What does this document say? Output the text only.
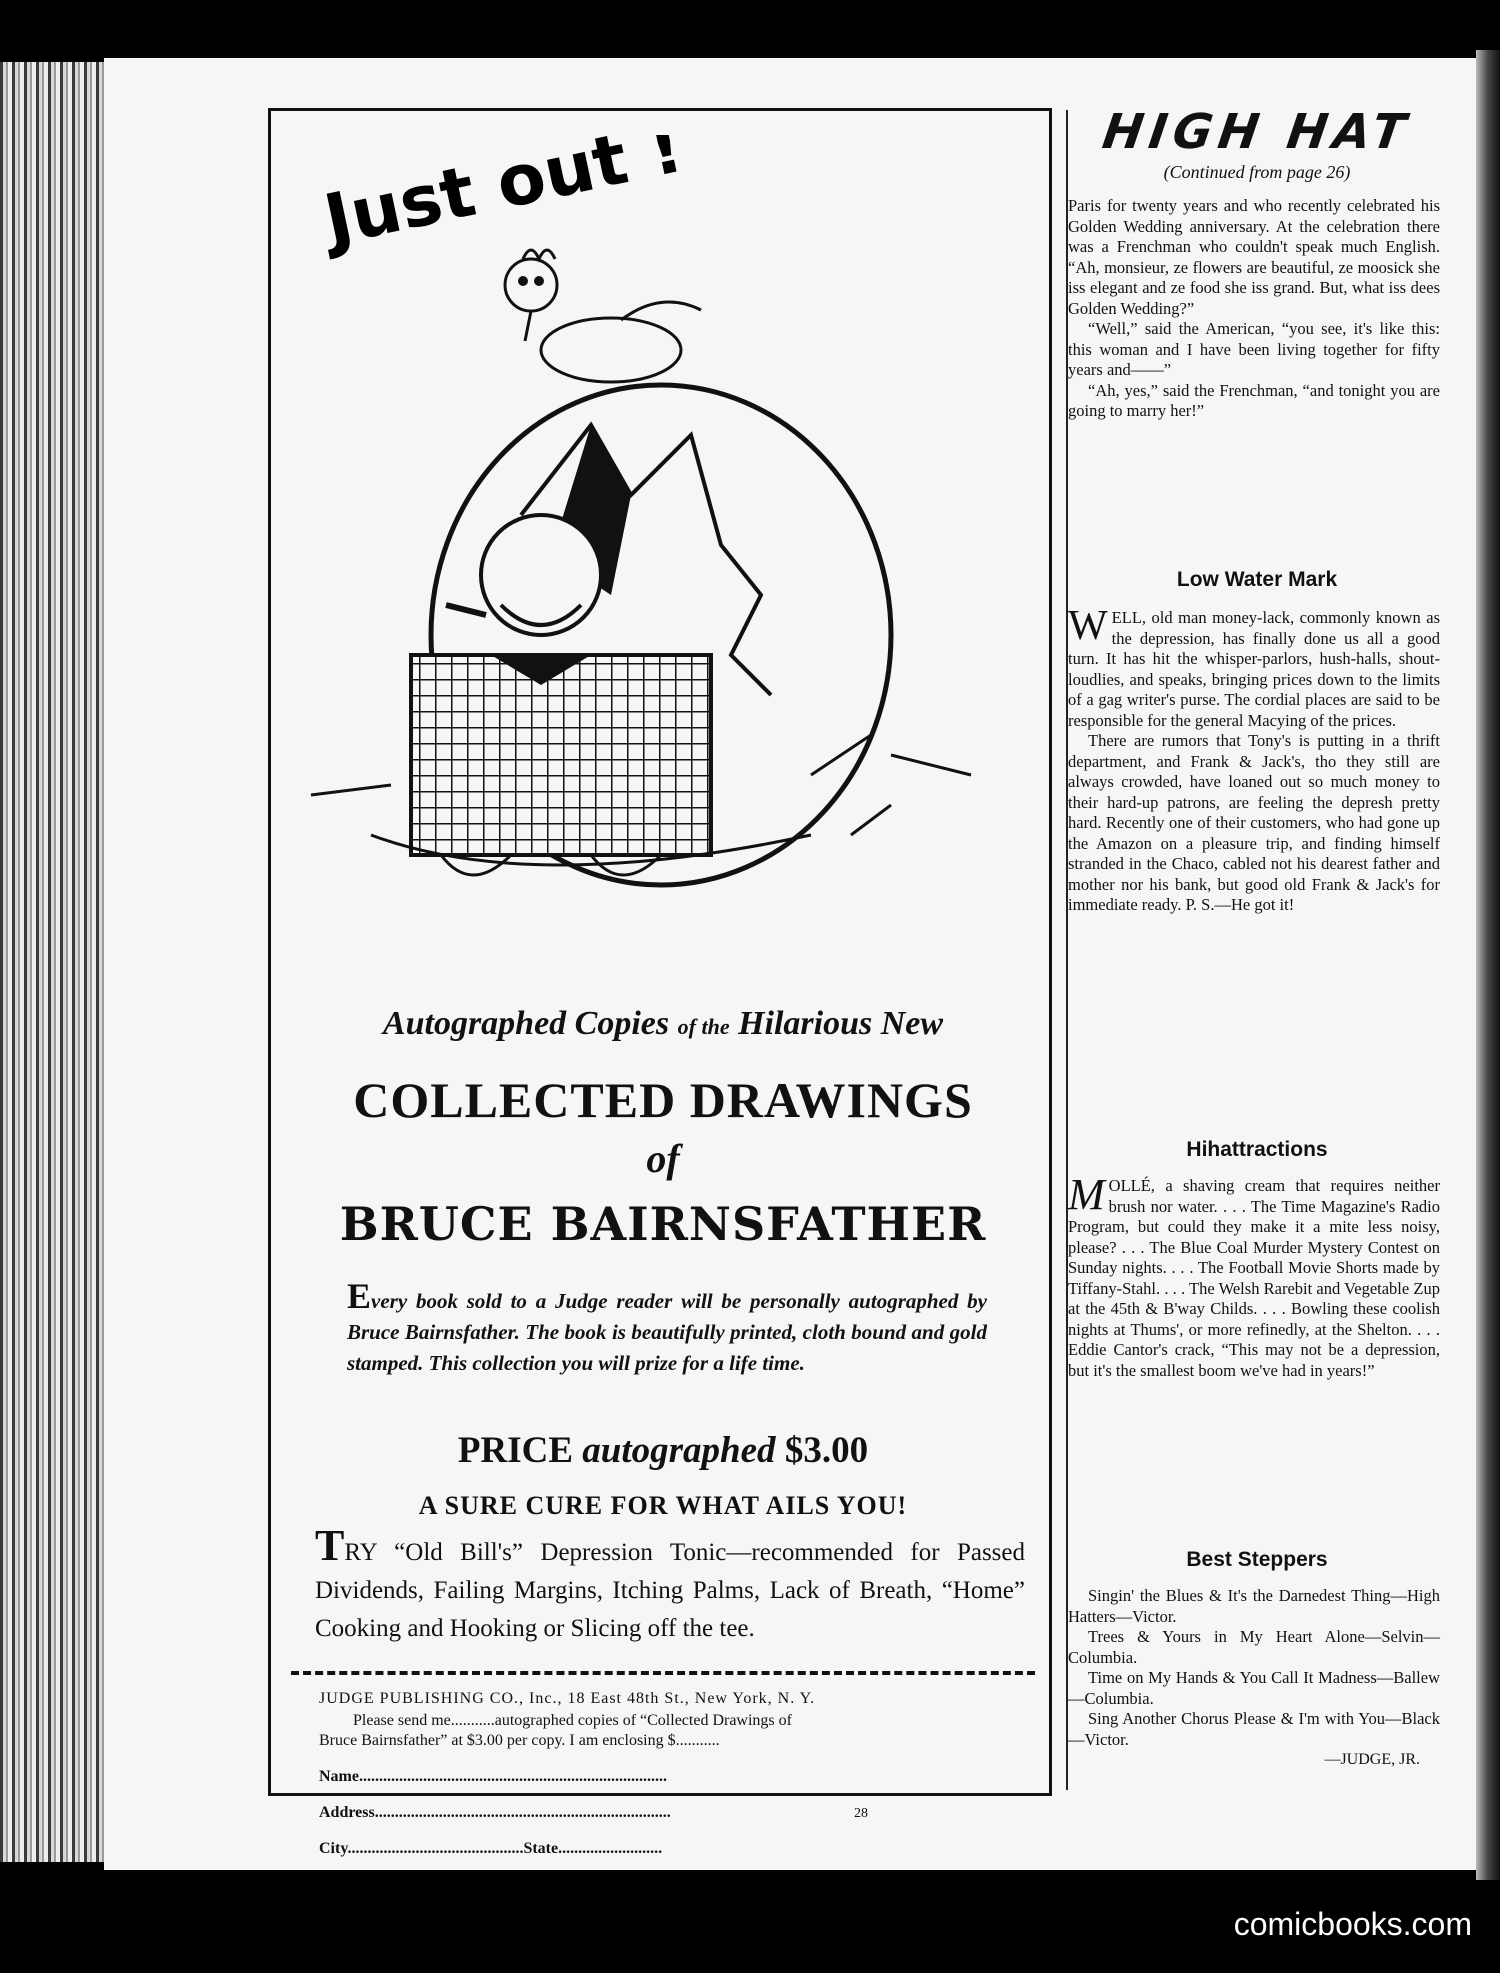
Just out !
Autographed Copies of the Hilarious New
COLLECTED DRAWINGS
of
BRUCE BAIRNSFATHER
Every book sold to a Judge reader will be personally autographed by Bruce Bairnsfather. The book is beautifully printed, cloth bound and gold stamped. This collection you will prize for a life time.
PRICE autographed $3.00
A SURE CURE FOR WHAT AILS YOU!
TRY “Old Bill's” Depression Tonic—recommended for Passed Dividends, Failing Margins, Itching Palms, Lack of Breath, “Home” Cooking and Hooking or Slicing off the tee.
JUDGE PUBLISHING CO., Inc., 18 East 48th St., New York, N. Y.
Please send me...........autographed copies of “Collected Drawings of
Bruce Bairnsfather” at $3.00 per copy. I am enclosing $...........
Name.............................................................................
Address..........................................................................
City............................................State..........................
HIGH HAT
(Continued from page 26)

Paris for twenty years and who recently celebrated his Golden Wedding anniversary. At the celebration there was a Frenchman who couldn't speak much English. “Ah, monsieur, ze flowers are beautiful, ze moosick she iss elegant and ze food she iss grand. But, what iss dees Golden Wedding?”

“Well,” said the American, “you see, it's like this: this woman and I have been living together for fifty years and——”

“Ah, yes,” said the Frenchman, “and tonight you are going to marry her!”

Low Water Mark

WELL, old man money-lack, commonly known as the depression, has finally done us all a good turn. It has hit the whisper-parlors, hush-halls, shout-loudlies, and speaks, bringing prices down to the limits of a gag writer's purse. The cordial places are said to be responsible for the general Macying of the prices.

There are rumors that Tony's is putting in a thrift department, and Frank & Jack's, tho they still are always crowded, have loaned out so much money to their hard-up patrons, are feeling the depresh pretty hard. Recently one of their customers, who had gone up the Amazon on a pleasure trip, and finding himself stranded in the Chaco, cabled not his dearest father and mother nor his bank, but good old Frank & Jack's for immediate ready. P. S.—He got it!

Hihattractions

MOLLÉ, a shaving cream that requires neither brush nor water. . . . The Time Magazine's Radio Program, but could they make it a mite less noisy, please? . . . The Blue Coal Murder Mystery Contest on Sunday nights. . . . The Football Movie Shorts made by Tiffany-Stahl. . . . The Welsh Rarebit and Vegetable Zup at the 45th & B'way Childs. . . . Bowling these coolish nights at Thums', or more refinedly, at the Shelton. . . . Eddie Cantor's crack, “This may not be a depression, but it's the smallest boom we've had in years!”

Best Steppers

Singin' the Blues & It's the Darnedest Thing—High Hatters—Victor.

Trees & Yours in My Heart Alone—Selvin—Columbia.

Time on My Hands & You Call It Madness—Ballew—Columbia.

Sing Another Chorus Please & I'm with You—Black—Victor.

—JUDGE, JR.
28
comicbooks.com
